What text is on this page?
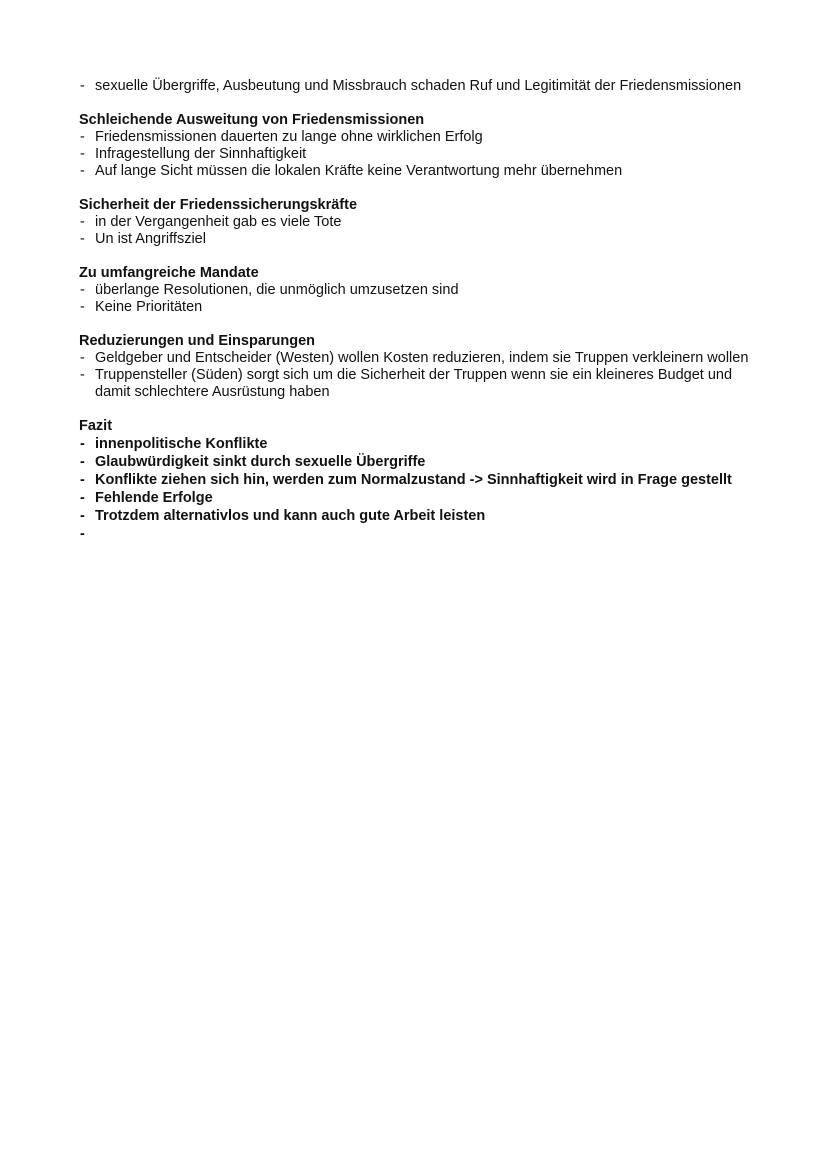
- sexuelle Übergriffe, Ausbeutung und Missbrauch schaden Ruf und Legitimität der Friedensmissionen

Schleichende Ausweitung von Friedensmissionen

- Friedensmissionen dauerten zu lange ohne wirklichen Erfolg
- Infragestellung der Sinnhaftigkeit
- Auf lange Sicht müssen die lokalen Kräfte keine Verantwortung mehr übernehmen

Sicherheit der Friedenssicherungskräfte

- in der Vergangenheit gab es viele Tote
- Un ist Angriffsziel

Zu umfangreiche Mandate

- überlange Resolutionen, die unmöglich umzusetzen sind
- Keine Prioritäten

Reduzierungen und Einsparungen

- Geldgeber und Entscheider (Westen) wollen Kosten reduzieren, indem sie Truppen verkleinern wollen
- Truppensteller (Süden) sorgt sich um die Sicherheit der Truppen wenn sie ein kleineres Budget und damit schlechtere Ausrüstung haben

Fazit

- innenpolitische Konflikte
- Glaubwürdigkeit sinkt durch sexuelle Übergriffe
- Konflikte ziehen sich hin, werden zum Normalzustand -> Sinnhaftigkeit wird in Frage gestellt
- Fehlende Erfolge
- Trotzdem alternativlos und kann auch gute Arbeit leisten
-
